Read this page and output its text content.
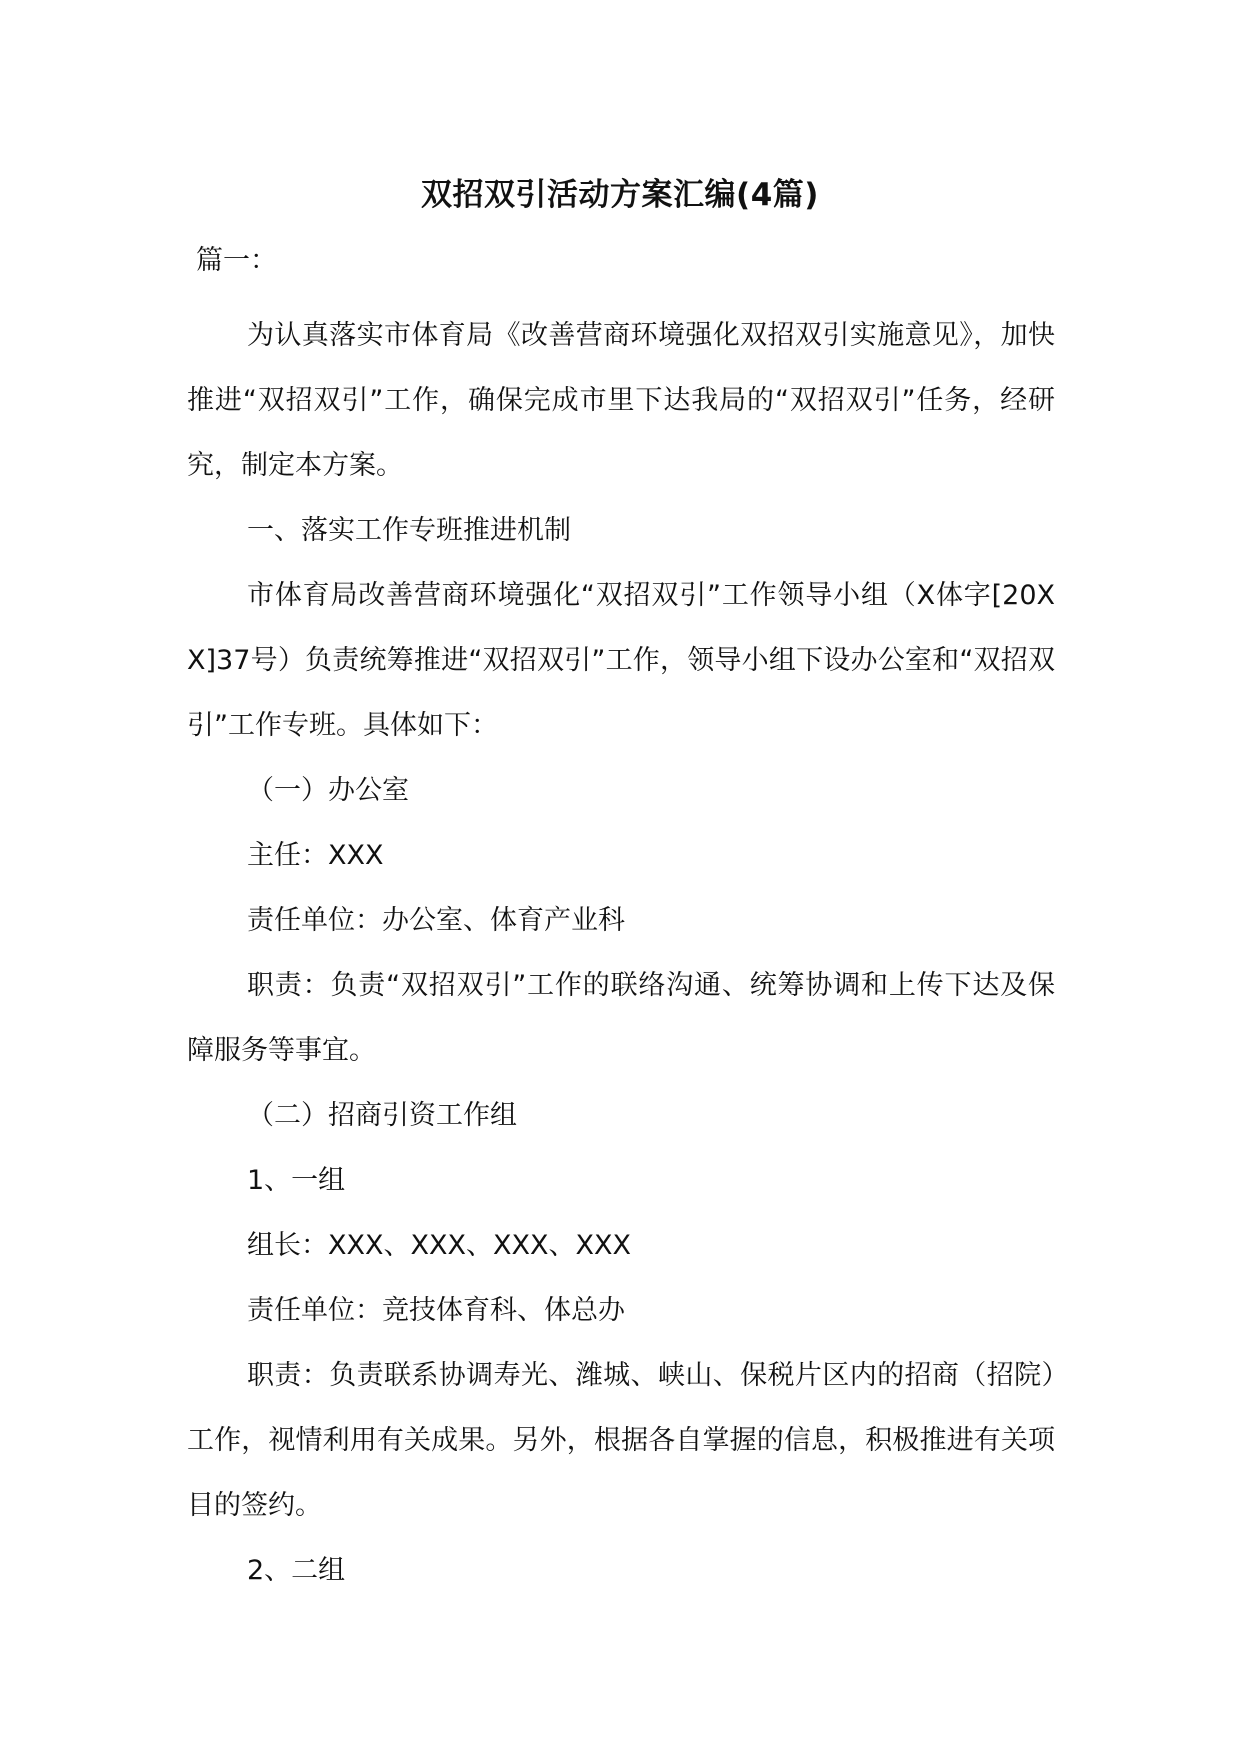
双招双引活动方案汇编(4篇)
篇一：

为认真落实市体育局《改善营商环境强化双招双引实施意见》，加快推进“双招双引”工作，确保完成市里下达我局的“双招双引”任务，经研究，制定本方案。

一、落实工作专班推进机制

市体育局改善营商环境强化“双招双引”工作领导小组（X体字[20XX]37号）负责统筹推进“双招双引”工作，领导小组下设办公室和“双招双引”工作专班。具体如下：

（一）办公室

主任：XXX

责任单位：办公室、体育产业科

职责：负责“双招双引”工作的联络沟通、统筹协调和上传下达及保障服务等事宜。

（二）招商引资工作组

1、一组

组长：XXX、XXX、XXX、XXX

责任单位：竞技体育科、体总办

职责：负责联系协调寿光、潍城、峡山、保税片区内的招商（招院）工作，视情利用有关成果。另外，根据各自掌握的信息，积极推进有关项目的签约。

2、二组
